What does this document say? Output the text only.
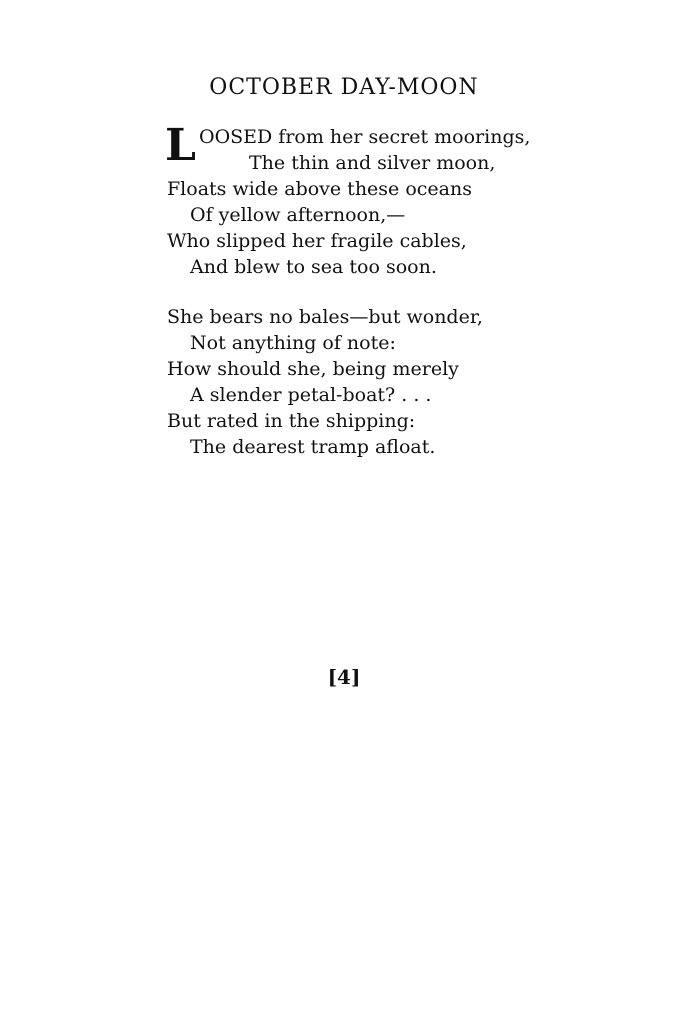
OCTOBER DAY-MOON
L OOSED from her secret moorings,
The thin and silver moon,
Floats wide above these oceans
Of yellow afternoon,—
Who slipped her fragile cables,
And blew to sea too soon.
She bears no bales—but wonder,
Not anything of note:
How should she, being merely
A slender petal-boat? . . .
But rated in the shipping:
The dearest tramp afloat.
[4]
